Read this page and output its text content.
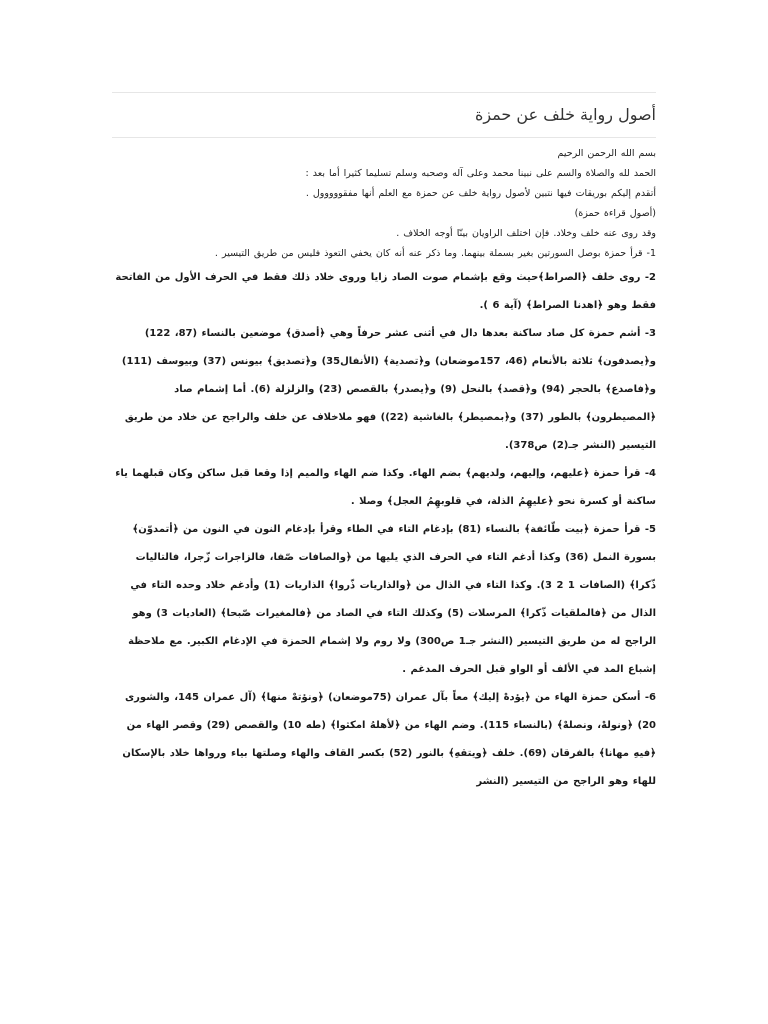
أصول رواية خلف عن حمزة

بسم الله الرحمن الرحيم

الحمد لله والصلاة والسم على نبينا محمد وعلى آله وصحبه وسلم تسليما كثيرا أما بعد :

أتقدم إليكم بوريقات فيها نتبين لأصول رواية خلف عن حمزة مع العلم أنها مفقووووول .

(أصول قراءة حمزة)

وقد روى عنه خلف وخلاد. فإن اختلف الراويان بينّا أوجه الخلاف .

1- قرأ حمزة بوصل السورتين بغير بسملة بينهما. وما ذكر عنه أنه كان يخفي التعوذ فليس من طريق التيسير .

2- روى خلف ﴿الصراط﴾حيث وقع بإشمام صوت الصاد زايا وروى خلاد ذلك فقط في الحرف الأول من الفاتحة فقط وهو ﴿اهدنا الصراط﴾ (آية 6 ).

3- أشم حمزة كل صاد ساكنة بعدها دال في أثنى عشر حرفاً وهي ﴿أصدق﴾ موضعين بالنساء (87، 122) و﴿يصدفون﴾ ثلاثة بالأنعام (46، 157موضعان) و﴿تصدية﴾ (الأنفال35) و﴿تصديق﴾ بيونس (37) وبيوسف (111) و﴿فاصدع﴾ بالحجر (94) و﴿قصد﴾ بالنحل (9) و﴿يصدر﴾ بالقصص (23) والزلزلة (6). أما إشمام صاد ﴿المصيطرون﴾ بالطور (37) و﴿بمصيطر﴾ بالغاشية (22)) فهو ملاخلاف عن خلف والراجح عن خلاد من طريق التيسير (النشر جـ(2) ص378).

4- قرأ حمزة ﴿عليهم، وإليهم، ولديهم﴾ بضم الهاء. وكذا ضم الهاء والميم إذا وقعا قبل ساكن وكان قبلهما ياء ساكنة أو كسرة نحو ﴿عليهِمُ الذلة، في قلوبهِمُ العجل﴾ وصلا .

5- قرأ حمزة ﴿بيت طّائفة﴾ بالنساء (81) بإدغام التاء في الطاء وقرأ بإدغام النون في النون من ﴿أتمدوّن﴾ بسورة النمل (36) وكذا أدغم التاء في الحرف الذي يليها من ﴿والصافات صّفا، فالزاجرات زّجرا، فالتاليات ذّكرا﴾ (الصافات 1 2 3). وكذا التاء في الذال من ﴿والذاريات ذّروا﴾ الذاريات (1) وأدغم خلاد وحده التاء في الذال من ﴿فالملقيات ذّكرا﴾ المرسلات (5) وكذلك التاء في الصاد من ﴿فالمغيرات صّبحا﴾ (العاديات 3) وهو الراجح له من طريق التيسير (النشر جـ1 ص300) ولا روم ولا إشمام الحمزة في الإدغام الكبير. مع ملاحظة إشباع المد في الألف أو الواو قبل الحرف المدغم .

6- أسكن حمزة الهاء من ﴿يؤدهْ إليك﴾ معاً بآل عمران (75موضعان) ﴿ونؤتهْ منها﴾ (آل عمران 145، والشورى 20) ﴿ونولهْ، ونصلهْ﴾ (بالنساء 115). وضم الهاء من ﴿لأهلهُ امكثوا﴾ (طه 10) والقصص (29) وقصر الهاء من ﴿فيهِ مهانا﴾ بالفرقان (69). خلف ﴿ويتقهِ﴾ بالنور (52) بكسر القاف والهاء وصلتها بياء ورواها خلاد بالإسكان للهاء وهو الراجح من التيسير (النشر
